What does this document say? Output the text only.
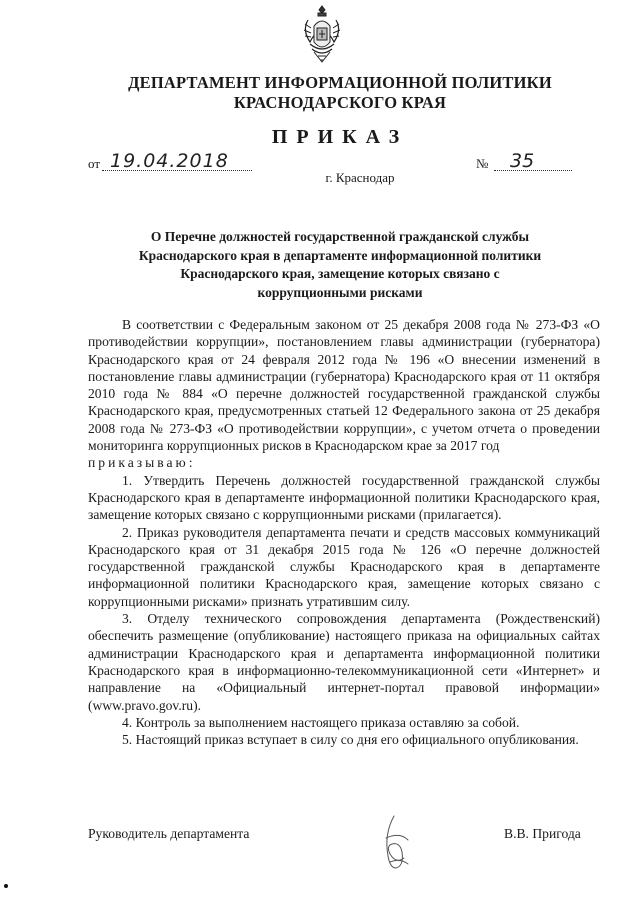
ДЕПАРТАМЕНТ ИНФОРМАЦИОННОЙ ПОЛИТИКИ
КРАСНОДАРСКОГО КРАЯ
ПРИКАЗ
от 19.04.2018	№ 35
г. Краснодар
О Перечне должностей государственной гражданской службы
Краснодарского края в департаменте информационной политики
Краснодарского края, замещение которых связано с
коррупционными рисками

В соответствии с Федеральным законом от 25 декабря 2008 года № 273-ФЗ «О противодействии коррупции», постановлением главы администрации (губернатора) Краснодарского края от 24 февраля 2012 года № 196 «О внесении изменений в постановление главы администрации (губернатора) Краснодарского края от 11 октября 2010 года № 884 «О перечне должностей государственной гражданской службы Краснодарского края, предусмотренных статьей 12 Федерального закона от 25 декабря 2008 года № 273-ФЗ «О противодействии коррупции», с учетом отчета о проведении мониторинга коррупционных рисков в Краснодарском крае за 2017 год

приказываю:

1. Утвердить Перечень должностей государственной гражданской службы Краснодарского края в департаменте информационной политики Краснодарского края, замещение которых связано с коррупционными рисками (прилагается).

2. Приказ руководителя департамента печати и средств массовых коммуникаций Краснодарского края от 31 декабря 2015 года № 126 «О перечне должностей государственной гражданской службы Краснодарского края в департаменте информационной политики Краснодарского края, замещение которых связано с коррупционными рисками» признать утратившим силу.

3. Отделу технического сопровождения департамента (Рождественский) обеспечить размещение (опубликование) настоящего приказа на официальных сайтах администрации Краснодарского края и департамента информационной политики Краснодарского края в информационно-телекоммуникационной сети «Интернет» и направление на «Официальный интернет-портал правовой информации» (www.pravo.gov.ru).

4. Контроль за выполнением настоящего приказа оставляю за собой.

5. Настоящий приказ вступает в силу со дня его официального опубликования.

Руководитель департамента	В.В. Пригода
